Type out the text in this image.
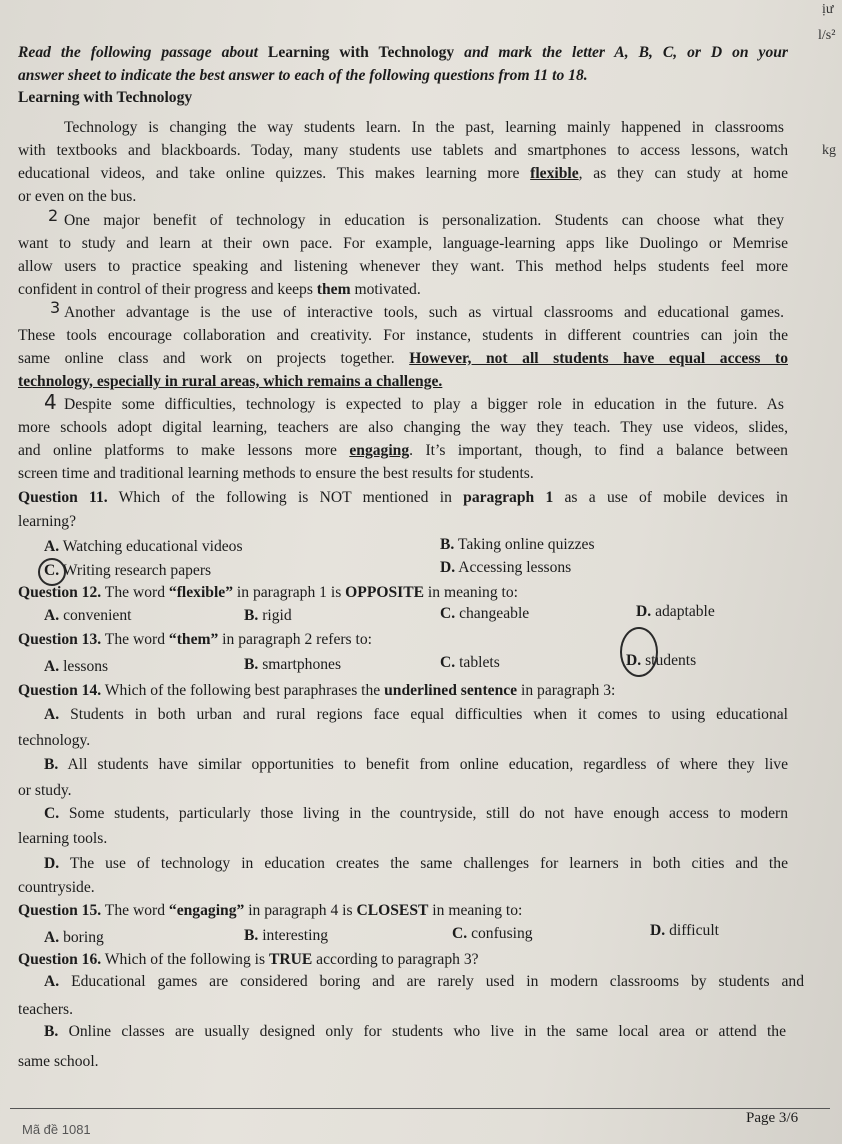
ịư
l/s²
kg
Read the following passage about Learning with Technology and mark the letter A, B, C, or D on your
answer sheet to indicate the best answer to each of the following questions from 11 to 18.
Learning with Technology
Technology is changing the way students learn. In the past, learning mainly happened in classrooms
with textbooks and blackboards. Today, many students use tablets and smartphones to access lessons, watch
educational videos, and take online quizzes. This makes learning more flexible, as they can study at home
or even on the bus.
2 One major benefit of technology in education is personalization. Students can choose what they
want to study and learn at their own pace. For example, language-learning apps like Duolingo or Memrise
allow users to practice speaking and listening whenever they want. This method helps students feel more
confident in control of their progress and keeps them motivated.
3 Another advantage is the use of interactive tools, such as virtual classrooms and educational games.
These tools encourage collaboration and creativity. For instance, students in different countries can join the
same online class and work on projects together. However, not all students have equal access to
technology, especially in rural areas, which remains a challenge.
4 Despite some difficulties, technology is expected to play a bigger role in education in the future. As
more schools adopt digital learning, teachers are also changing the way they teach. They use videos, slides,
and online platforms to make lessons more engaging. It’s important, though, to find a balance between
screen time and traditional learning methods to ensure the best results for students.
Question 11. Which of the following is NOT mentioned in paragraph 1 as a use of mobile devices in
learning?
A. Watching educational videos	B. Taking online quizzes
C. Writing research papers	D. Accessing lessons
Question 12. The word “flexible” in paragraph 1 is OPPOSITE in meaning to:
A. convenient	B. rigid	C. changeable	D. adaptable
Question 13. The word “them” in paragraph 2 refers to:
A. lessons	B. smartphones	C. tablets	D. students
Question 14. Which of the following best paraphrases the underlined sentence in paragraph 3:
A. Students in both urban and rural regions face equal difficulties when it comes to using educational
technology.
B. All students have similar opportunities to benefit from online education, regardless of where they live
or study.
C. Some students, particularly those living in the countryside, still do not have enough access to modern
learning tools.
D. The use of technology in education creates the same challenges for learners in both cities and the
countryside.
Question 15. The word “engaging” in paragraph 4 is CLOSEST in meaning to:
A. boring	B. interesting	C. confusing	D. difficult
Question 16. Which of the following is TRUE according to paragraph 3?
A. Educational games are considered boring and are rarely used in modern classrooms by students and
teachers.
B. Online classes are usually designed only for students who live in the same local area or attend the
same school.
Mã đề 1081
Page 3/6
